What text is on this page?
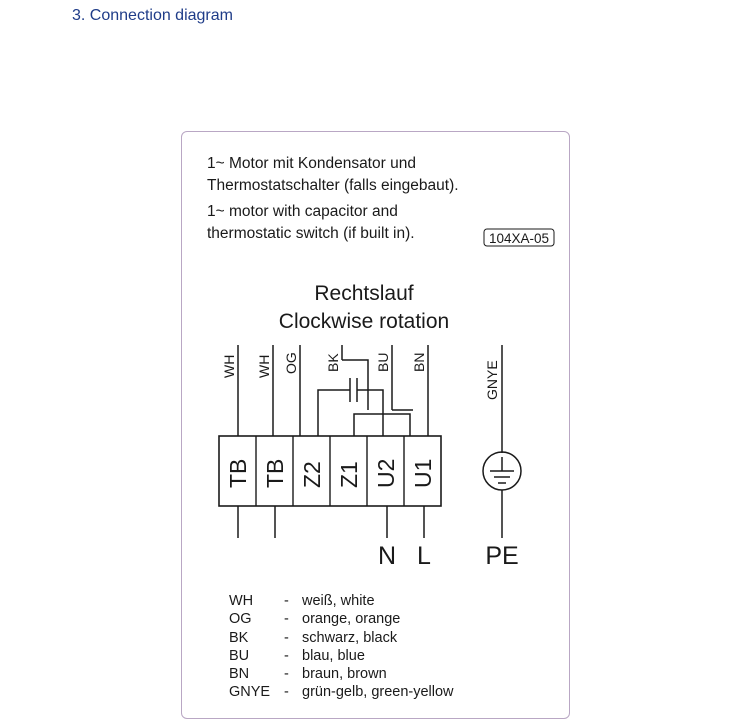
3. Connection diagram
1~ Motor mit Kondensator und
Thermostatschalter (falls eingebaut).
1~ motor with capacitor and
thermostatic switch (if built in).	104XA-05
Rechtslauf
Clockwise rotation
WH WH OG BK BU BN	GNYE
TB TB Z2 Z1 U2 U1
N L PE
WH - weiß, white
OG - orange, orange
BK - schwarz, black
BU - blau, blue
BN - braun, brown
GNYE - grün-gelb, green-yellow
